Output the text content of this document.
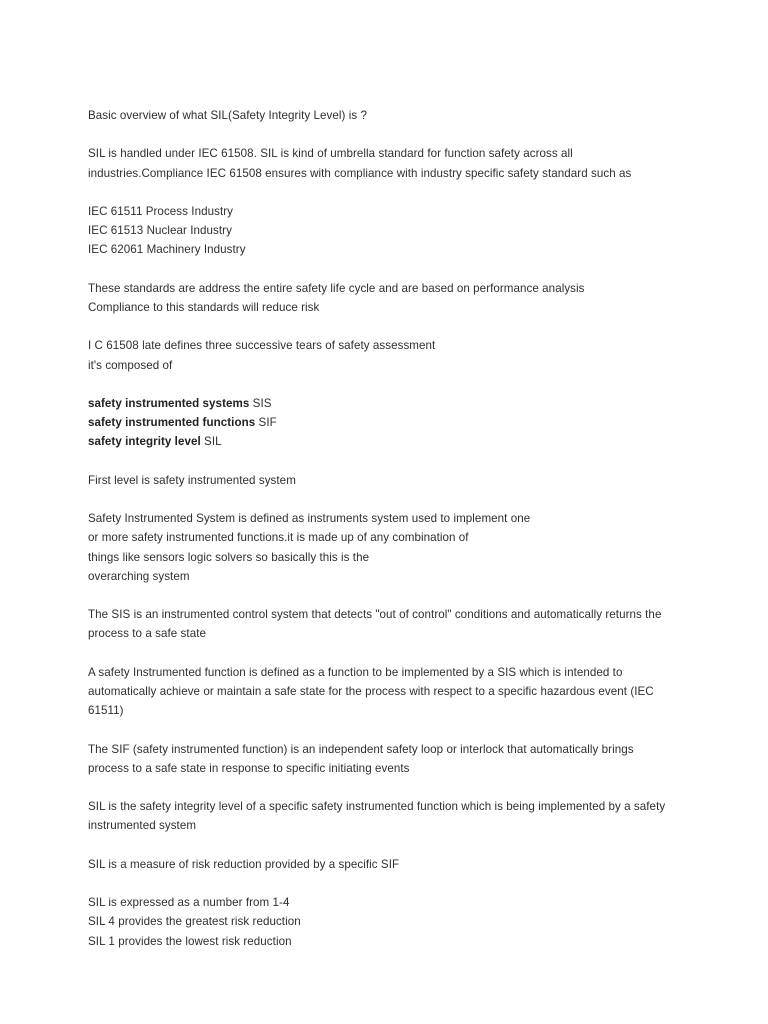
Basic overview of what SIL(Safety Integrity Level) is ?
SIL is handled under IEC 61508. SIL is kind of umbrella standard for function safety across all industries.Compliance IEC 61508 ensures with compliance with industry specific safety standard such as
IEC 61511 Process Industry
IEC 61513 Nuclear Industry
IEC 62061 Machinery Industry
These standards are address the entire safety life cycle and are based on performance analysis
Compliance to this standards will reduce risk
I C 61508 late defines three successive tears of safety assessment
it's composed of
safety instrumented systems SIS
safety instrumented functions SIF
safety integrity level SIL
First level is safety instrumented system
Safety Instrumented System is defined as instruments system used to implement one
or more safety instrumented functions.it is made up of any combination of
things like sensors logic solvers so basically this is the
overarching system
The SIS is an instrumented control system that detects "out of control" conditions and automatically returns the process to a safe state
A safety Instrumented function is defined as a function to be implemented by a SIS which is intended to automatically achieve or maintain a safe state for the process with respect to a specific hazardous event (IEC 61511)
The SIF (safety instrumented function) is an independent safety loop or interlock that automatically brings process to a safe state in response to specific initiating events
SIL is the safety integrity level of a specific safety instrumented function which is being implemented by a safety instrumented system
SIL is a measure of risk reduction provided by a specific SIF
SIL is expressed as a number from 1-4
SIL 4 provides the greatest risk reduction
SIL 1 provides the lowest risk reduction
